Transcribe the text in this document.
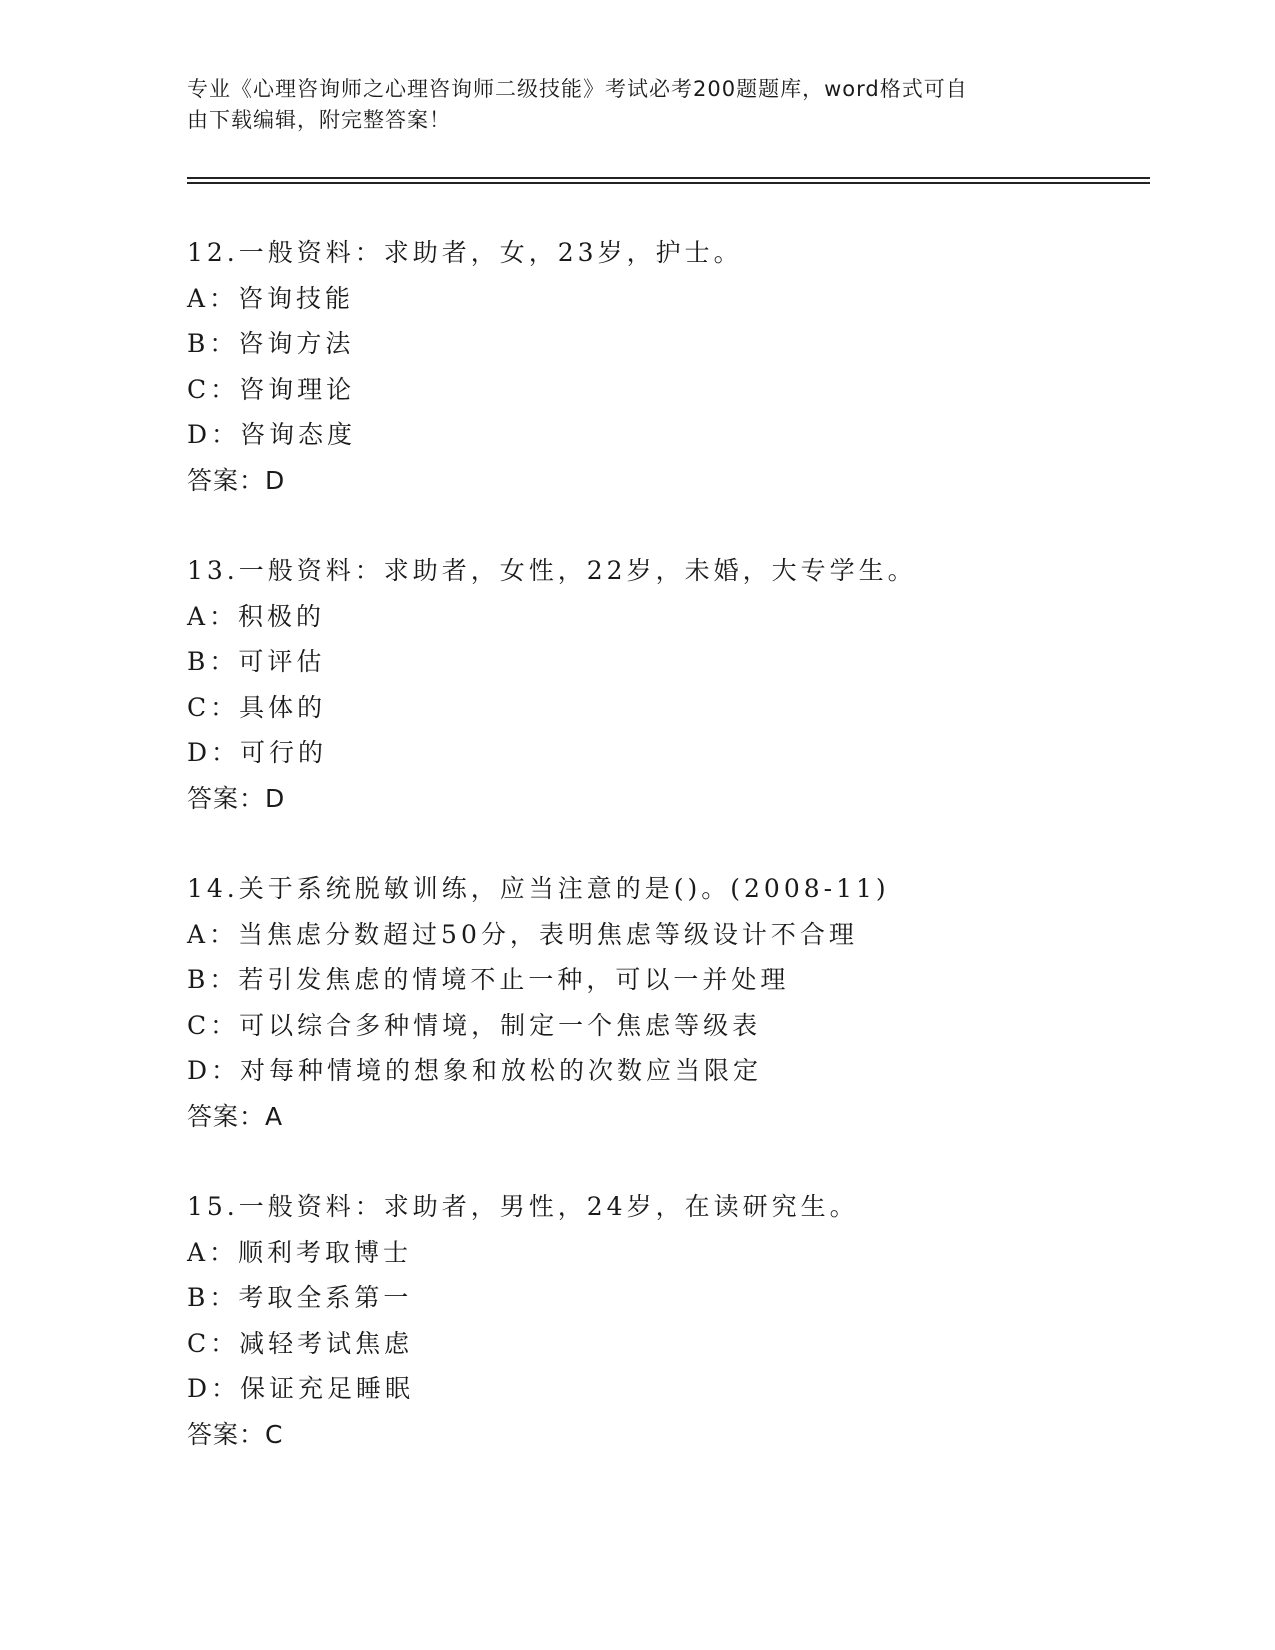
专业《心理咨询师之心理咨询师二级技能》考试必考200题题库，word格式可自

由下载编辑，附完整答案！

12.一般资料：求助者，女，23岁，护士。
A：咨询技能
B：咨询方法
C：咨询理论
D：咨询态度
答案：D
13.一般资料：求助者，女性，22岁，未婚，大专学生。
A：积极的
B：可评估
C：具体的
D：可行的
答案：D
14.关于系统脱敏训练，应当注意的是()。(2008-11)
A：当焦虑分数超过50分，表明焦虑等级设计不合理
B：若引发焦虑的情境不止一种，可以一并处理
C：可以综合多种情境，制定一个焦虑等级表
D：对每种情境的想象和放松的次数应当限定
答案：A
15.一般资料：求助者，男性，24岁，在读研究生。
A：顺利考取博士
B：考取全系第一
C：减轻考试焦虑
D：保证充足睡眠
答案：C
